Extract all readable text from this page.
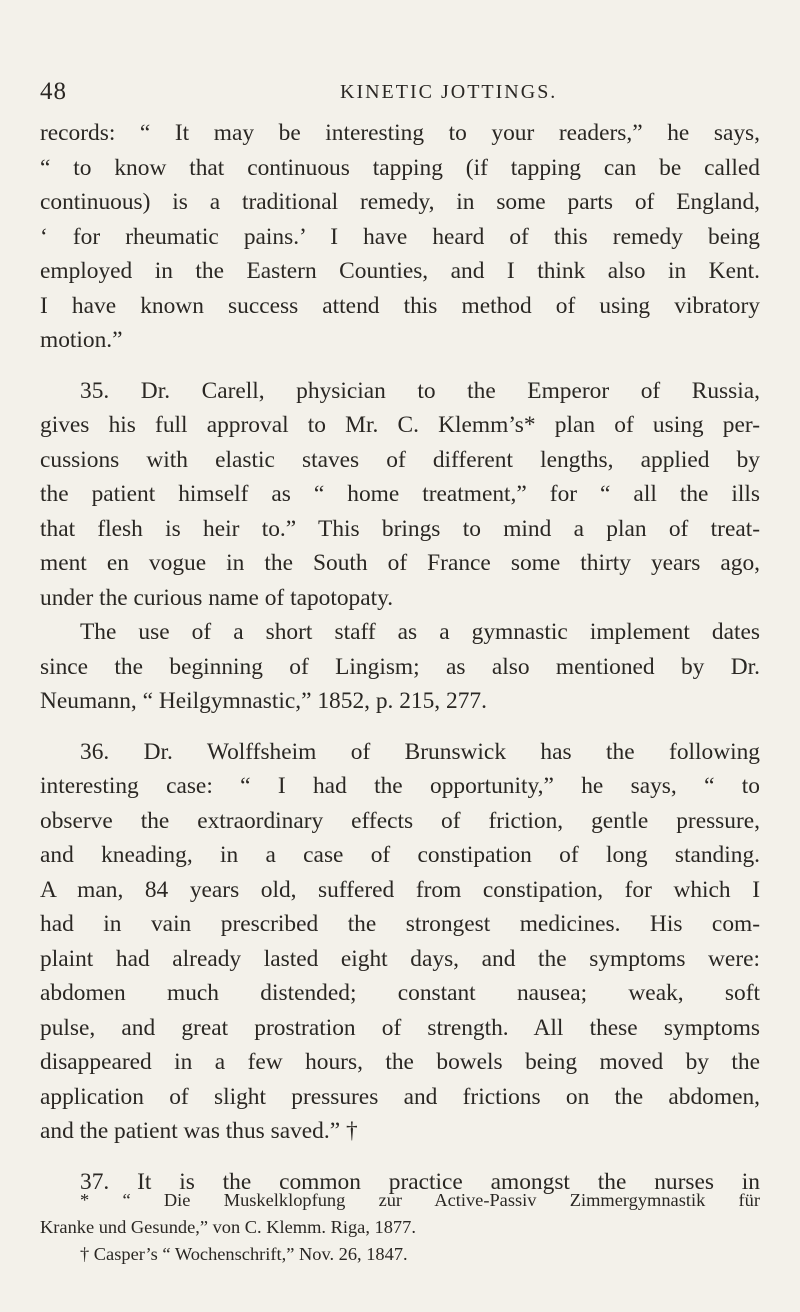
48	KINETIC JOTTINGS.
records: “ It may be interesting to your readers,” he says,
“ to know that continuous tapping (if tapping can be called
continuous) is a traditional remedy, in some parts of England,
‘ for rheumatic pains.’ I have heard of this remedy being
employed in the Eastern Counties, and I think also in Kent.
I have known success attend this method of using vibratory
motion.”
35. Dr. Carell, physician to the Emperor of Russia,
gives his full approval to Mr. C. Klemm’s* plan of using per-
cussions with elastic staves of different lengths, applied by
the patient himself as “ home treatment,” for “ all the ills
that flesh is heir to.” This brings to mind a plan of treat-
ment en vogue in the South of France some thirty years ago,
under the curious name of tapotopaty.
The use of a short staff as a gymnastic implement dates
since the beginning of Lingism; as also mentioned by Dr.
Neumann, “ Heilgymnastic,” 1852, p. 215, 277.
36. Dr. Wolffsheim of Brunswick has the following
interesting case: “ I had the opportunity,” he says, “ to
observe the extraordinary effects of friction, gentle pressure,
and kneading, in a case of constipation of long standing.
A man, 84 years old, suffered from constipation, for which I
had in vain prescribed the strongest medicines. His com-
plaint had already lasted eight days, and the symptoms were:
abdomen much distended; constant nausea; weak, soft
pulse, and great prostration of strength. All these symptoms
disappeared in a few hours, the bowels being moved by the
application of slight pressures and frictions on the abdomen,
and the patient was thus saved.” †
37. It is the common practice amongst the nurses in
* “ Die Muskelklopfung zur Active-Passiv Zimmergymnastik für
Kranke und Gesunde,” von C. Klemm. Riga, 1877.
† Casper’s “ Wochenschrift,” Nov. 26, 1847.
